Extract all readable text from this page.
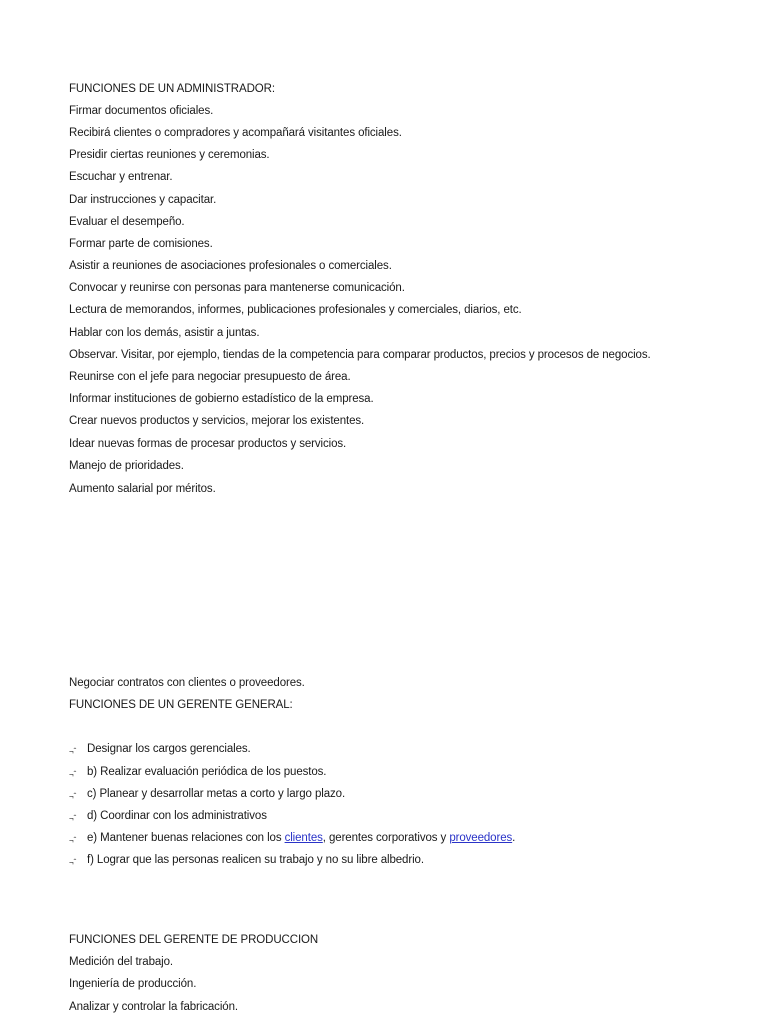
FUNCIONES DE UN ADMINISTRADOR:
Firmar documentos oficiales.
Recibirá clientes o compradores y acompañará visitantes oficiales.
Presidir ciertas reuniones y ceremonias.
Escuchar y entrenar.
Dar instrucciones y capacitar.
Evaluar el desempeño.
Formar parte de comisiones.
Asistir a reuniones de asociaciones profesionales o comerciales.
Convocar y reunirse con personas para mantenerse comunicación.
Lectura de memorandos, informes, publicaciones profesionales y comerciales, diarios, etc.
Hablar con los demás, asistir a juntas.
Observar. Visitar, por ejemplo, tiendas de la competencia para comparar productos, precios y procesos de negocios.
Reunirse con el jefe para negociar presupuesto de área.
Informar instituciones de gobierno estadístico de la empresa.
Crear nuevos productos y servicios, mejorar los existentes.
Idear nuevas formas de procesar productos y servicios.
Manejo de prioridades.
Aumento salarial por méritos.
Negociar contratos con clientes o proveedores.
FUNCIONES DE UN GERENTE GENERAL:
¬ˆ Designar los cargos gerenciales.
¬ˆ b) Realizar evaluación periódica de los puestos.
¬ˆ c) Planear y desarrollar metas a corto y largo plazo.
¬ˆ d) Coordinar con los administrativos
¬ˆ e) Mantener buenas relaciones con los clientes, gerentes corporativos y proveedores.
¬ˆ f) Lograr que las personas realicen su trabajo y no su libre albedrio.
FUNCIONES DEL GERENTE DE PRODUCCION
Medición del trabajo.
Ingeniería de producción.
Analizar y controlar la fabricación.
